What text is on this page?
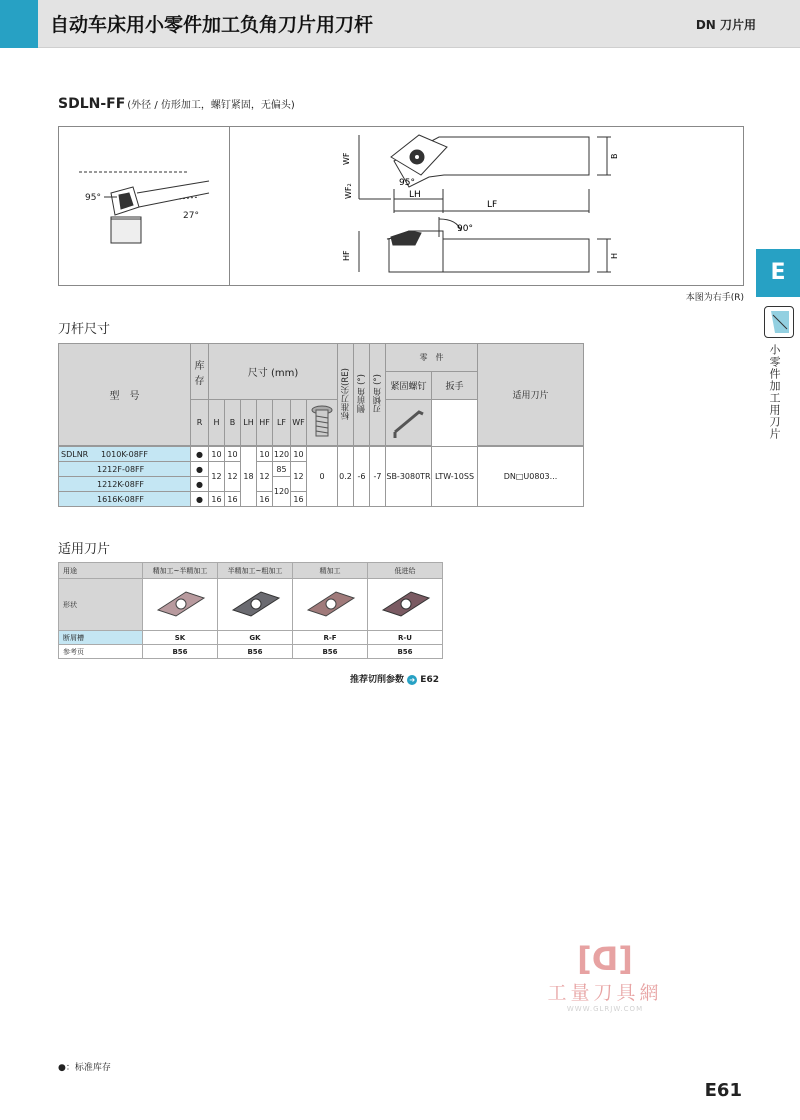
自动车床用小零件加工负角刀片用刀杆	DN 刀片用
SDLN-FF (外径 / 仿形加工，螺钉紧固，无偏头)
95°
27°
WF
WF₂
95°
LH
LF
B
90°
HF	H
本图为右手(R)
E
小零件加工用刀片
刀杆尺寸
型　号	库存	尺寸 (mm)							标准刀尖(RE)	侧前角 (°)	刃倾角 (°)	零　件		适用刀片
												紧固螺钉	扳手	
	R	H	B	LH	HF	LF	WF		

SDLNR 1010K-08FF	●	10	10	18	10	120	10	0	0.2	-6	-7	SB-3080TR	LTW-10SS	DN□U0803...
1212F-08FF	●	12	12		12	85	12							
1212K-08FF	●					120								
1616K-08FF	●	16	16		16		16							
适用刀片
用途	精加工~半精加工	半精加工~粗加工	精加工	低进给
形状				
断屑槽	SK	GK	R-F	R-U
参考页	B56	B56	B56	B56
推荐切削参数 ➜ E62
[ᗡ]
工量刀具網
WWW.GLRJW.COM
●：标准库存
E61
